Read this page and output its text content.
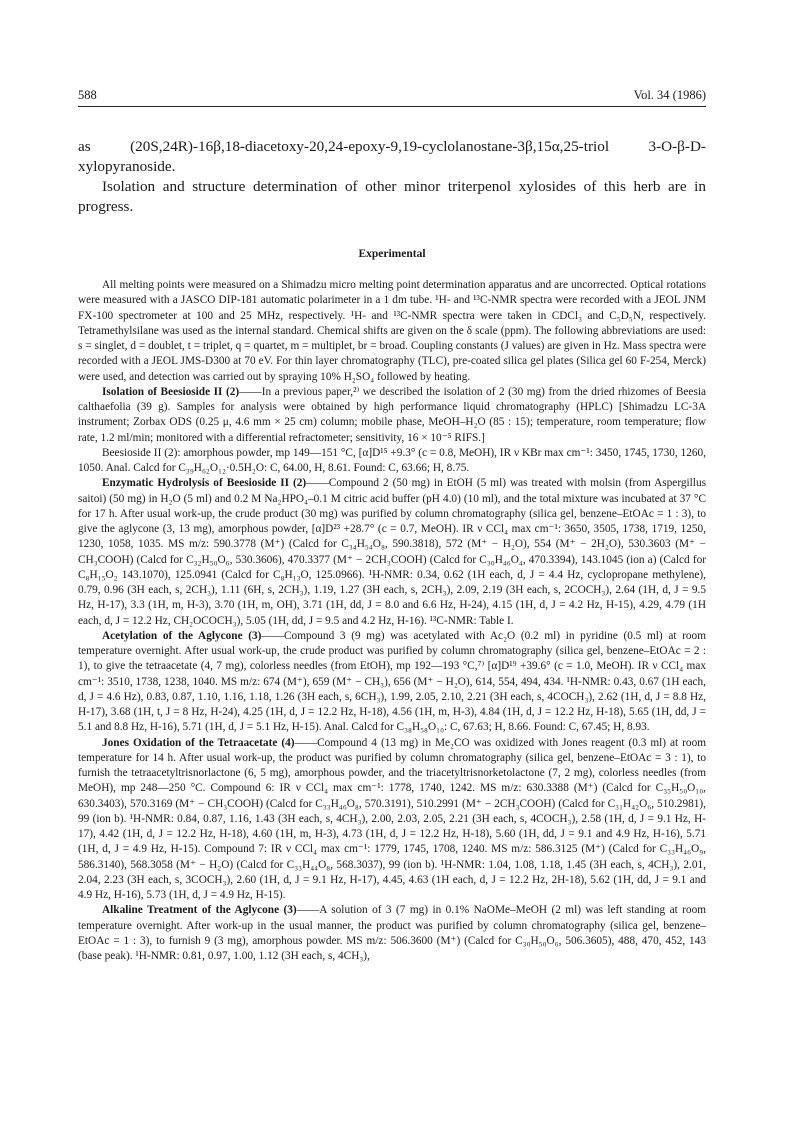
588	Vol. 34 (1986)

as (20S,24R)-16β,18-diacetoxy-20,24-epoxy-9,19-cyclolanostane-3β,15α,25-triol 3-O-β-D-xylopyranoside.

Isolation and structure determination of other minor triterpenol xylosides of this herb are in progress.

Experimental

All melting points were measured on a Shimadzu micro melting point determination apparatus and are uncorrected. Optical rotations were measured with a JASCO DIP-181 automatic polarimeter in a 1 dm tube. ¹H- and ¹³C-NMR spectra were recorded with a JEOL JNM FX-100 spectrometer at 100 and 25 MHz, respectively. ¹H- and ¹³C-NMR spectra were taken in CDCl₃ and C₅D₅N, respectively. Tetramethylsilane was used as the internal standard. Chemical shifts are given on the δ scale (ppm). The following abbreviations are used: s = singlet, d = doublet, t = triplet, q = quartet, m = multiplet, br = broad. Coupling constants (J values) are given in Hz. Mass spectra were recorded with a JEOL JMS-D300 at 70 eV. For thin layer chromatography (TLC), pre-coated silica gel plates (Silica gel 60 F-254, Merck) were used, and detection was carried out by spraying 10% H₂SO₄ followed by heating.

Isolation of Beesioside II (2)——In a previous paper,²⁾ we described the isolation of 2 (30 mg) from the dried rhizomes of Beesia calthaefolia (39 g). Samples for analysis were obtained by high performance liquid chromatography (HPLC) [Shimadzu LC-3A instrument; Zorbax ODS (0.25 μ, 4.6 mm × 25 cm) column; mobile phase, MeOH–H₂O (85 : 15); temperature, room temperature; flow rate, 1.2 ml/min; monitored with a differential refractometer; sensitivity, 16 × 10⁻⁵ RIFS.]

Beesioside II (2): amorphous powder, mp 149—151 °C, [α]D¹⁵ +9.3° (c = 0.8, MeOH), IR ν KBr max cm⁻¹: 3450, 1745, 1730, 1260, 1050. Anal. Calcd for C₃₉H₆₂O₁₂·0.5H₂O: C, 64.00, H, 8.61. Found: C, 63.66; H, 8.75.

Enzymatic Hydrolysis of Beesioside II (2)——Compound 2 (50 mg) in EtOH (5 ml) was treated with molsin (from Aspergillus saitoi) (50 mg) in H₂O (5 ml) and 0.2 M Na₂HPO₄–0.1 M citric acid buffer (pH 4.0) (10 ml), and the total mixture was incubated at 37 °C for 17 h. After usual work-up, the crude product (30 mg) was purified by column chromatography (silica gel, benzene–EtOAc = 1 : 3), to give the aglycone (3, 13 mg), amorphous powder, [α]D²³ +28.7° (c = 0.7, MeOH). IR ν CCl₄ max cm⁻¹: 3650, 3505, 1738, 1719, 1250, 1230, 1058, 1035. MS m/z: 590.3778 (M⁺) (Calcd for C₃₄H₅₄O₈, 590.3818), 572 (M⁺ − H₂O), 554 (M⁺ − 2H₂O), 530.3603 (M⁺ − CH₃COOH) (Calcd for C₃₂H₅₀O₆, 530.3606), 470.3377 (M⁺ − 2CH₃COOH) (Calcd for C₃₀H₄₆O₄, 470.3394), 143.1045 (ion a) (Calcd for C₈H₁₅O₂ 143.1070), 125.0941 (Calcd for C₈H₁₃O, 125.0966). ¹H-NMR: 0.34, 0.62 (1H each, d, J = 4.4 Hz, cyclopropane methylene), 0.79, 0.96 (3H each, s, 2CH₃), 1.11 (6H, s, 2CH₃), 1.19, 1.27 (3H each, s, 2CH₃), 2.09, 2.19 (3H each, s, 2COCH₃), 2.64 (1H, d, J = 9.5 Hz, H-17), 3.3 (1H, m, H-3), 3.70 (1H, m, OH), 3.71 (1H, dd, J = 8.0 and 6.6 Hz, H-24), 4.15 (1H, d, J = 4.2 Hz, H-15), 4.29, 4.79 (1H each, d, J = 12.2 Hz, CH₂OCOCH₃), 5.05 (1H, dd, J = 9.5 and 4.2 Hz, H-16). ¹³C-NMR: Table I.

Acetylation of the Aglycone (3)——Compound 3 (9 mg) was acetylated with Ac₂O (0.2 ml) in pyridine (0.5 ml) at room temperature overnight. After usual work-up, the crude product was purified by column chromatography (silica gel, benzene–EtOAc = 2 : 1), to give the tetraacetate (4, 7 mg), colorless needles (from EtOH), mp 192—193 °C,⁷⁾ [α]D¹⁹ +39.6° (c = 1.0, MeOH). IR ν CCl₄ max cm⁻¹: 3510, 1738, 1238, 1040. MS m/z: 674 (M⁺), 659 (M⁺ − CH₃), 656 (M⁺ − H₂O), 614, 554, 494, 434. ¹H-NMR: 0.43, 0.67 (1H each, d, J = 4.6 Hz), 0.83, 0.87, 1.10, 1.16, 1.18, 1.26 (3H each, s, 6CH₃), 1.99, 2.05, 2.10, 2.21 (3H each, s, 4COCH₃), 2.62 (1H, d, J = 8.8 Hz, H-17), 3.68 (1H, t, J = 8 Hz, H-24), 4.25 (1H, d, J = 12.2 Hz, H-18), 4.56 (1H, m, H-3), 4.84 (1H, d, J = 12.2 Hz, H-18), 5.65 (1H, dd, J = 5.1 and 8.8 Hz, H-16), 5.71 (1H, d, J = 5.1 Hz, H-15). Anal. Calcd for C₃₈H₅₈O₁₀: C, 67.63; H, 8.66. Found: C, 67.45; H, 8.93.

Jones Oxidation of the Tetraacetate (4)——Compound 4 (13 mg) in Me₂CO was oxidized with Jones reagent (0.3 ml) at room temperature for 14 h. After usual work-up, the product was purified by column chromatography (silica gel, benzene–EtOAc = 3 : 1), to furnish the tetraacetyltrisnorlactone (6, 5 mg), amorphous powder, and the triacetyltrisnorketolactone (7, 2 mg), colorless needles (from MeOH), mp 248—250 °C. Compound 6: IR ν CCl₄ max cm⁻¹: 1778, 1740, 1242. MS m/z: 630.3388 (M⁺) (Calcd for C₃₅H₅₀O₁₀, 630.3403), 570.3169 (M⁺ − CH₃COOH) (Calcd for C₃₃H₄₆O₈, 570.3191), 510.2991 (M⁺ − 2CH₃COOH) (Calcd for C₃₁H₄₂O₆, 510.2981), 99 (ion b). ¹H-NMR: 0.84, 0.87, 1.16, 1.43 (3H each, s, 4CH₃), 2.00, 2.03, 2.05, 2.21 (3H each, s, 4COCH₃), 2.58 (1H, d, J = 9.1 Hz, H-17), 4.42 (1H, d, J = 12.2 Hz, H-18), 4.60 (1H, m, H-3), 4.73 (1H, d, J = 12.2 Hz, H-18), 5.60 (1H, dd, J = 9.1 and 4.9 Hz, H-16), 5.71 (1H, d, J = 4.9 Hz, H-15). Compound 7: IR ν CCl₄ max cm⁻¹: 1779, 1745, 1708, 1240. MS m/z: 586.3125 (M⁺) (Calcd for C₃₃H₄₆O₉, 586.3140), 568.3058 (M⁺ − H₂O) (Calcd for C₃₃H₄₄O₈, 568.3037), 99 (ion b). ¹H-NMR: 1.04, 1.08, 1.18, 1.45 (3H each, s, 4CH₃), 2.01, 2.04, 2.23 (3H each, s, 3COCH₃), 2.60 (1H, d, J = 9.1 Hz, H-17), 4.45, 4.63 (1H each, d, J = 12.2 Hz, 2H-18), 5.62 (1H, dd, J = 9.1 and 4.9 Hz, H-16), 5.73 (1H, d, J = 4.9 Hz, H-15).

Alkaline Treatment of the Aglycone (3)——A solution of 3 (7 mg) in 0.1% NaOMe–MeOH (2 ml) was left standing at room temperature overnight. After work-up in the usual manner, the product was purified by column chromatography (silica gel, benzene–EtOAc = 1 : 3), to furnish 9 (3 mg), amorphous powder. MS m/z: 506.3600 (M⁺) (Calcd for C₃₀H₅₀O₆, 506.3605), 488, 470, 452, 143 (base peak). ¹H-NMR: 0.81, 0.97, 1.00, 1.12 (3H each, s, 4CH₃),
